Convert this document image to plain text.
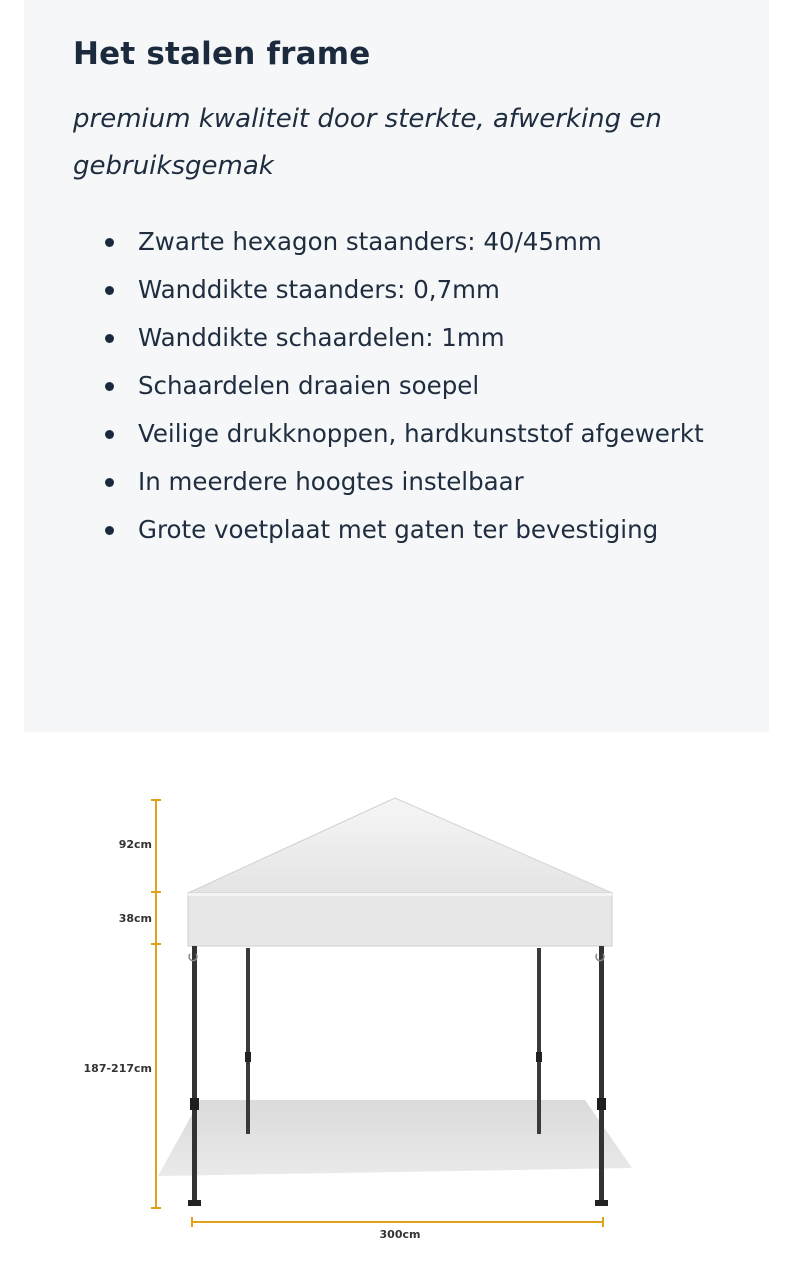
Het stalen frame

premium kwaliteit door sterkte, afwerking en gebruiksgemak

Zwarte hexagon staanders: 40/45mm
Wanddikte staanders: 0,7mm
Wanddikte schaardelen: 1mm
Schaardelen draaien soepel
Veilige drukknoppen, hardkunststof afgewerkt
In meerdere hoogtes instelbaar
Grote voetplaat met gaten ter bevestiging
92cm
38cm
187-217cm
300cm
